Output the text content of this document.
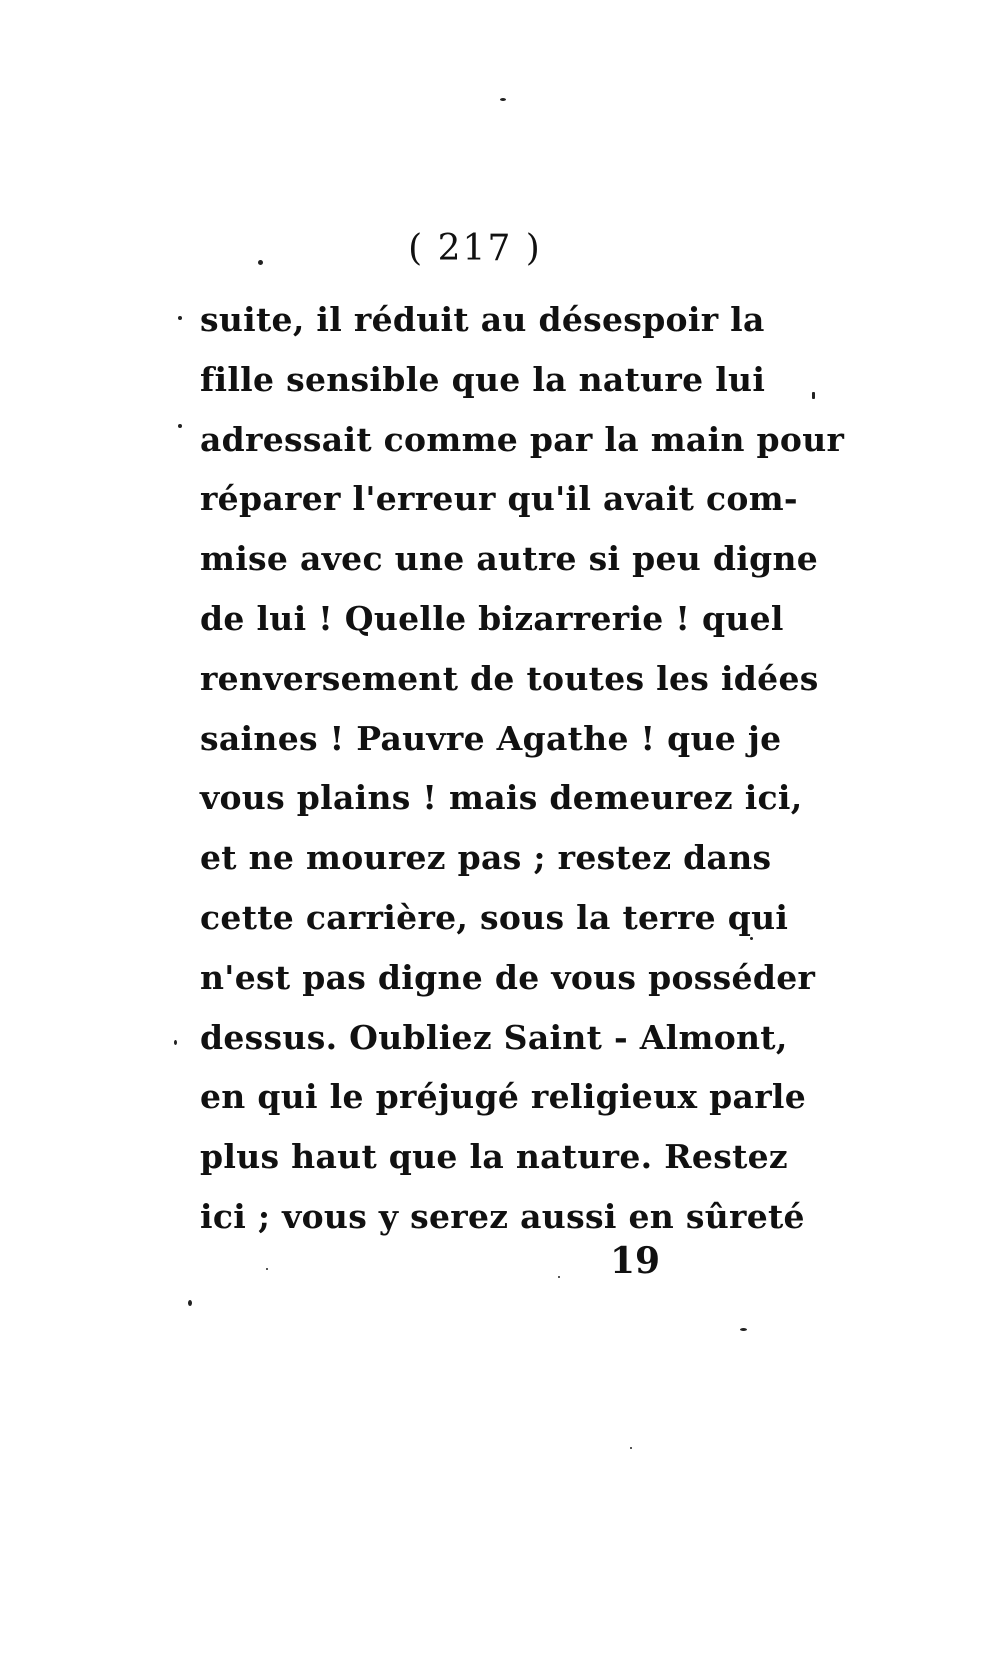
( 217 )
suite, il réduit au désespoir la
fille sensible que la nature lui
adressait comme par la main pour
réparer l'erreur qu'il avait com-
mise avec une autre si peu digne
de lui ! Quelle bizarrerie ! quel
renversement de toutes les idées
saines ! Pauvre Agathe ! que je
vous plains ! mais demeurez ici,
et ne mourez pas ; restez dans
cette carrière, sous la terre qui
n'est pas digne de vous posséder
dessus. Oubliez Saint - Almont,
en qui le préjugé religieux parle
plus haut que la nature. Restez
ici ; vous y serez aussi en sûreté
19
